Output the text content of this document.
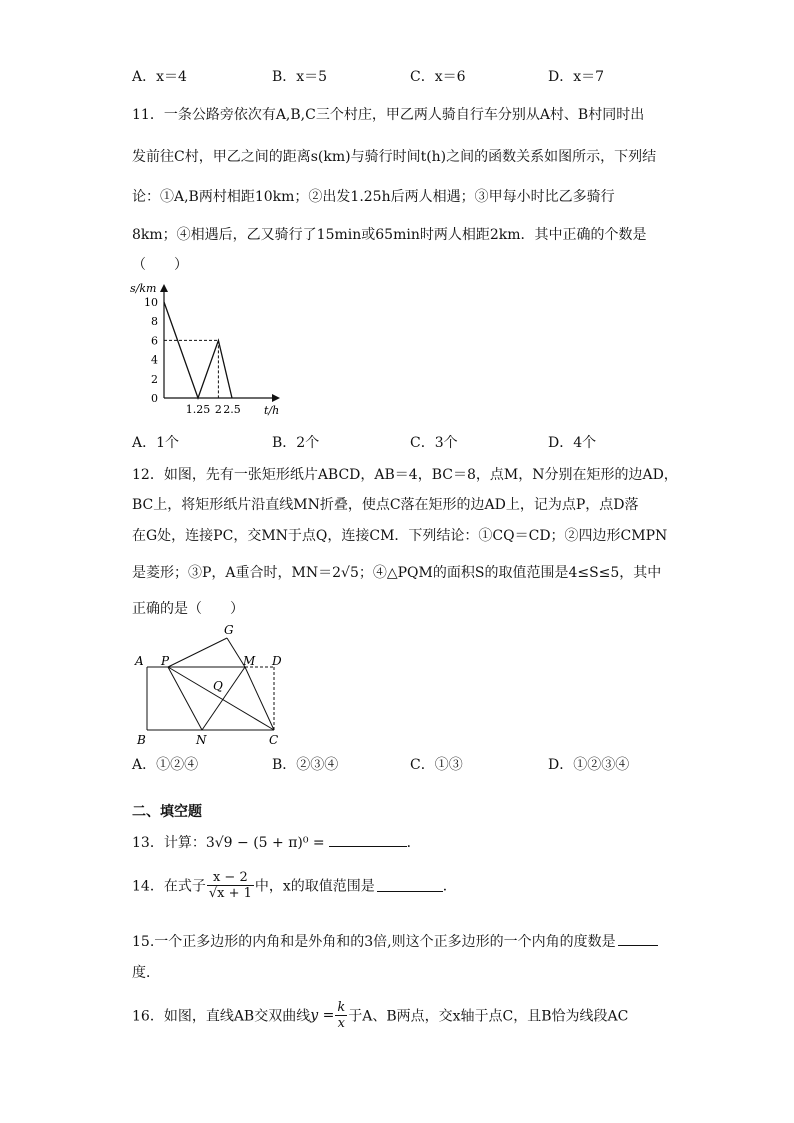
A．x＝4	B．x＝5	C．x＝6	D．x＝7
11．一条公路旁依次有A,B,C三个村庄，甲乙两人骑自行车分别从A村、B村同时出
发前往C村，甲乙之间的距离s(km)与骑行时间t(h)之间的函数关系如图所示，下列结
论：①A,B两村相距10km；②出发1.25h后两人相遇；③甲每小时比乙多骑行
8km；④相遇后，乙又骑行了15min或65min时两人相距2km．其中正确的个数是
（　　）
s/km
t/h
0
2
4
6
8
10
1.25 2 2.5
A．1个	B．2个	C．3个	D．4个
12．如图，先有一张矩形纸片ABCD，AB＝4，BC＝8，点M，N分别在矩形的边AD，
BC上，将矩形纸片沿直线MN折叠，使点C落在矩形的边AD上，记为点P，点D落
在G处，连接PC，交MN于点Q，连接CM．下列结论：①CQ＝CD；②四边形CMPN
是菱形；③P，A重合时，MN＝2√5；④△PQM的面积S的取值范围是4≤S≤5，其中
正确的是（　　）
G
A P	M D
Q
B	N	C
A．①②④	B．②③④	C．①③	D．①②③④
二、填空题
13．计算：3√9 − (5 + π)⁰ =	．
14．在式子 $\frac{x - 2}{√x + 1}$ 中，x的取值范围是	．
15.一个正多边形的内角和是外角和的3倍,则这个正多边形的一个内角的度数是
度．
16．如图，直线AB交双曲线$y = \frac{k}{x}$ 于A、B两点，交x轴于点C，且B恰为线段AC
